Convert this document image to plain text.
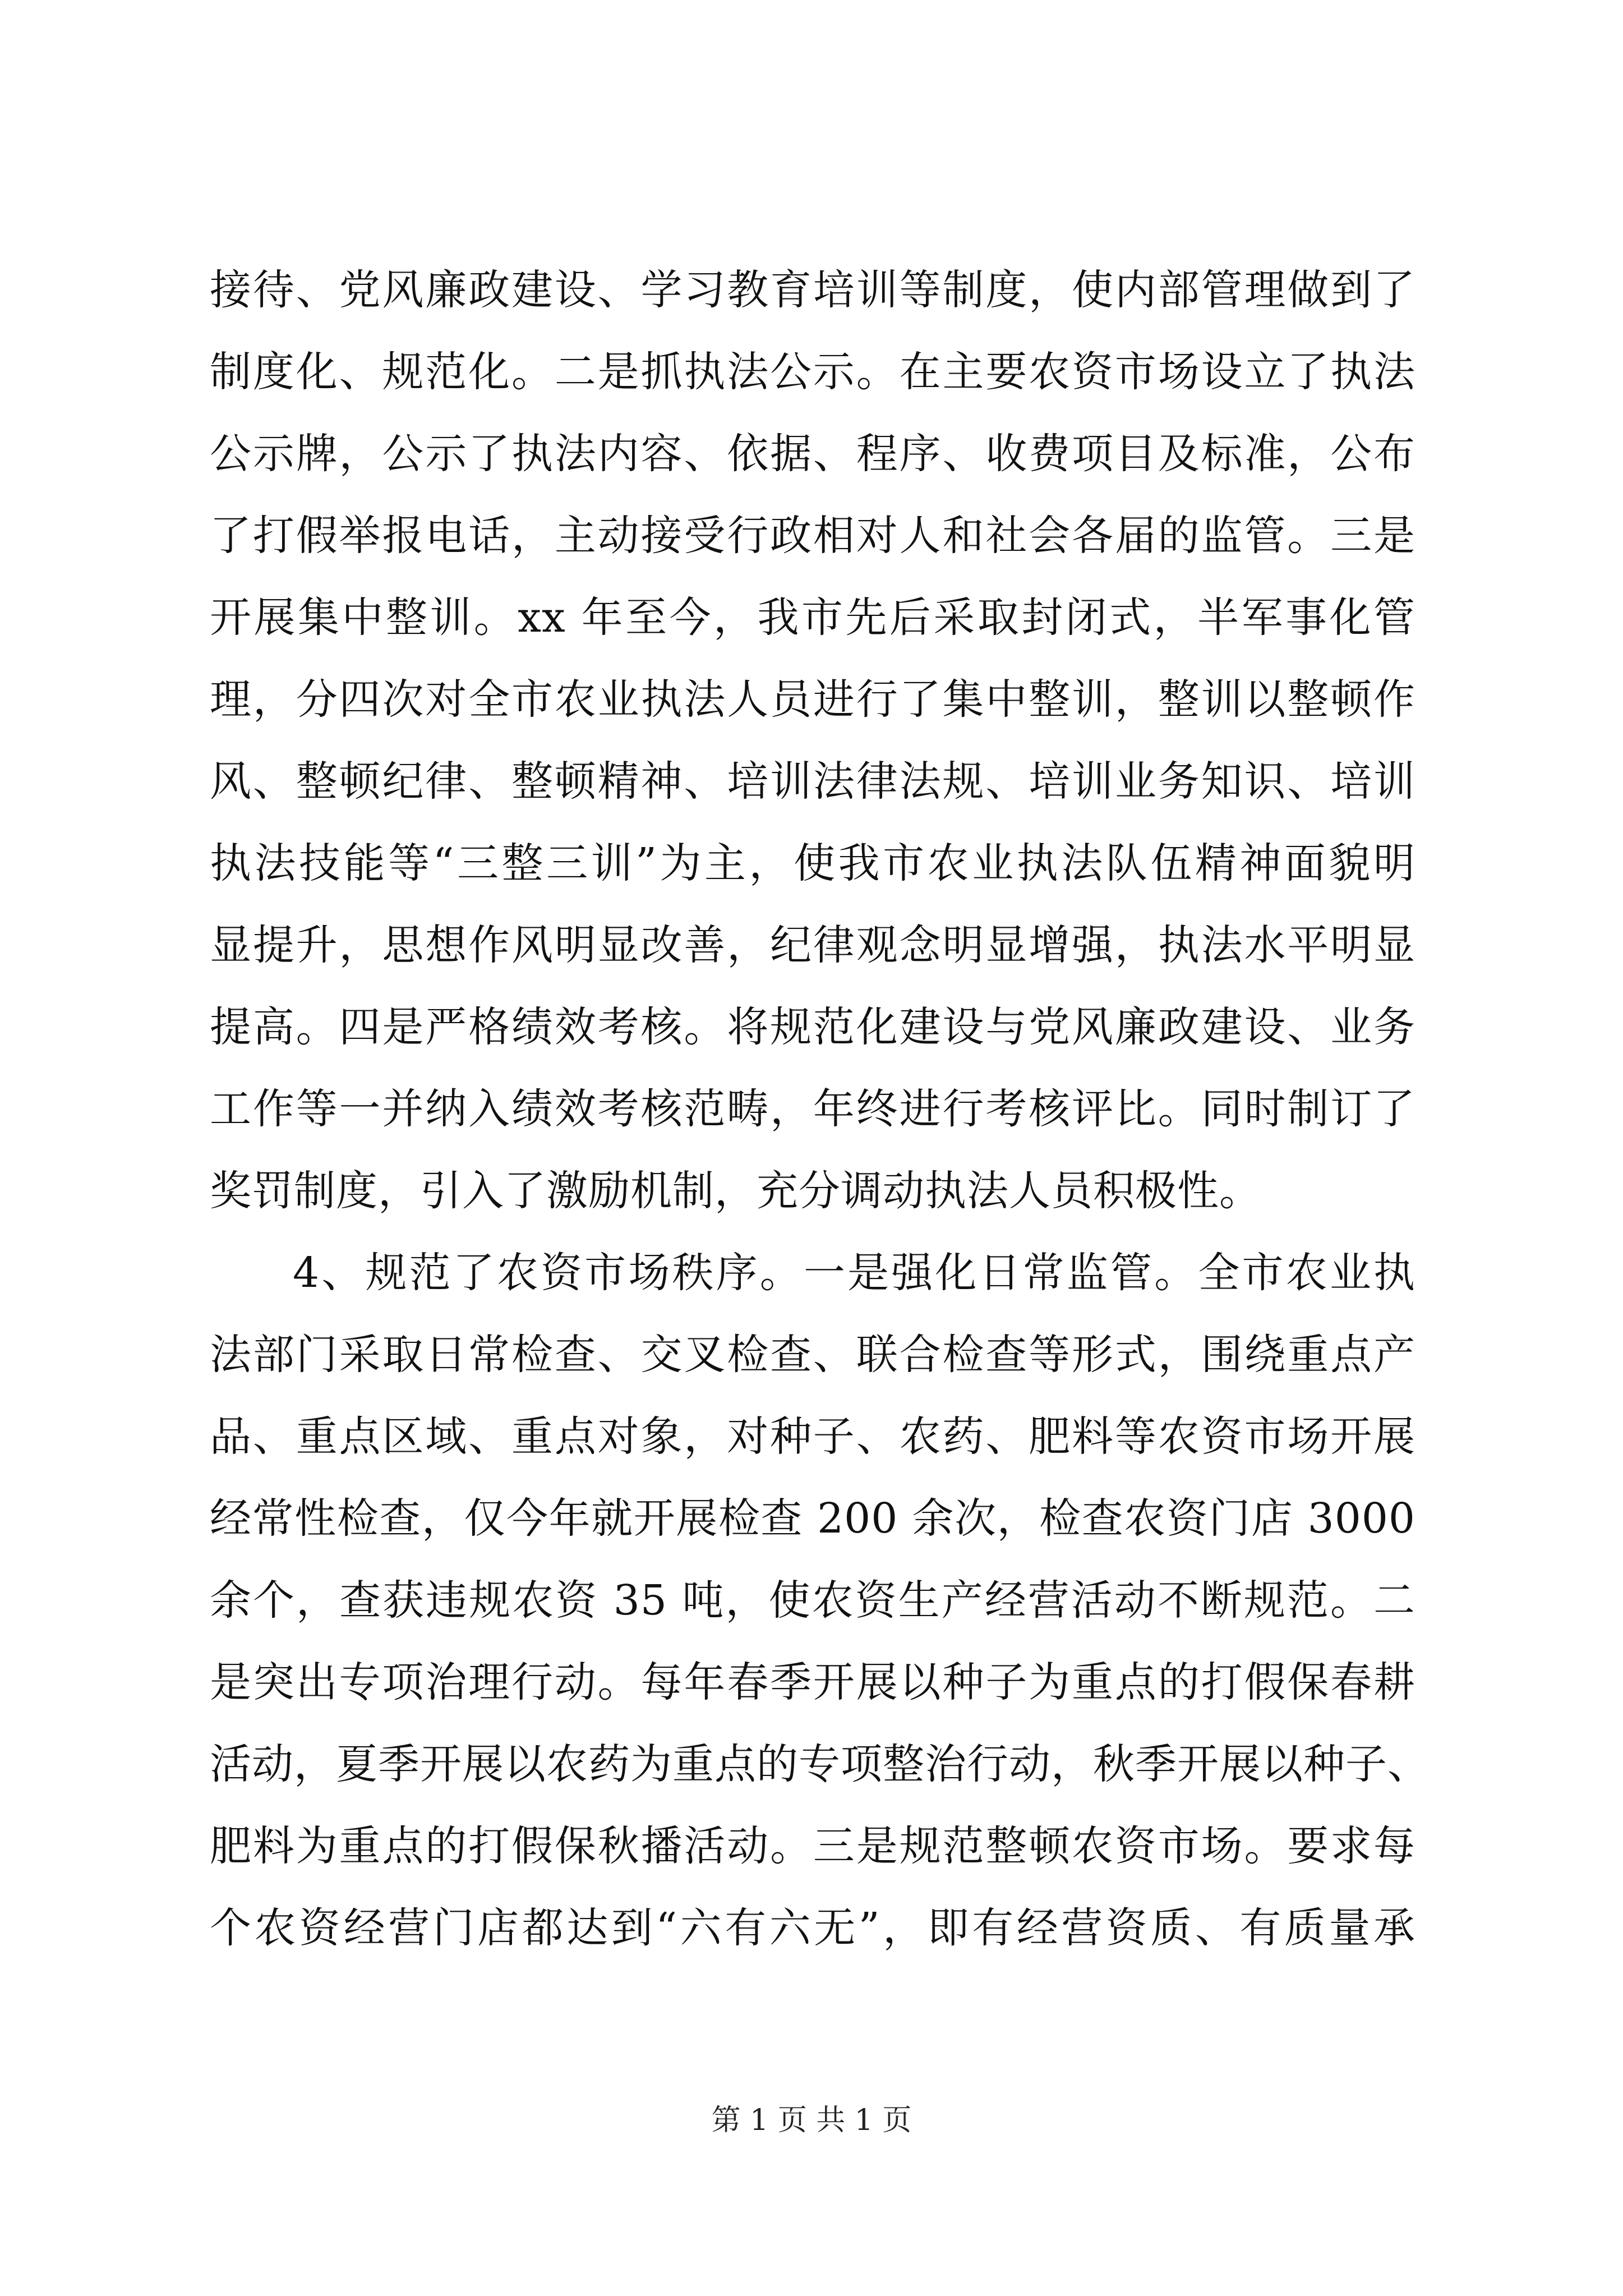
接待、党风廉政建设、学习教育培训等制度，使内部管理做到了
制度化、规范化。二是抓执法公示。在主要农资市场设立了执法
公示牌，公示了执法内容、依据、程序、收费项目及标准，公布
了打假举报电话，主动接受行政相对人和社会各届的监管。三是
开展集中整训。xx 年至今，我市先后采取封闭式，半军事化管
理，分四次对全市农业执法人员进行了集中整训，整训以整顿作
风、整顿纪律、整顿精神、培训法律法规、培训业务知识、培训
执法技能等“三整三训”为主，使我市农业执法队伍精神面貌明
显提升，思想作风明显改善，纪律观念明显增强，执法水平明显
提高。四是严格绩效考核。将规范化建设与党风廉政建设、业务
工作等一并纳入绩效考核范畴，年终进行考核评比。同时制订了
奖罚制度，引入了激励机制，充分调动执法人员积极性。
4、规范了农资市场秩序。一是强化日常监管。全市农业执
法部门采取日常检查、交叉检查、联合检查等形式，围绕重点产
品、重点区域、重点对象，对种子、农药、肥料等农资市场开展
经常性检查，仅今年就开展检查 200 余次，检查农资门店 3000
余个，查获违规农资 35 吨，使农资生产经营活动不断规范。二
是突出专项治理行动。每年春季开展以种子为重点的打假保春耕
活动，夏季开展以农药为重点的专项整治行动，秋季开展以种子、
肥料为重点的打假保秋播活动。三是规范整顿农资市场。要求每
个农资经营门店都达到“六有六无”，即有经营资质、有质量承
第 1 页 共 1 页
